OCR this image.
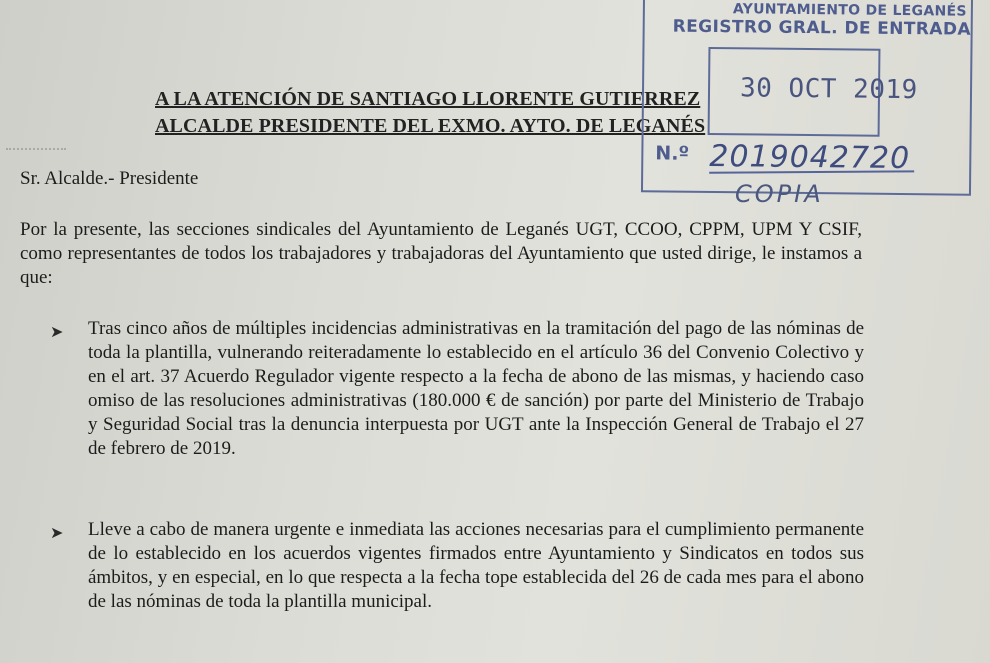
A LA ATENCIÓN DE SANTIAGO LLORENTE GUTIERREZ
ALCALDE PRESIDENTE DEL EXMO. AYTO. DE LEGANÉS
AYUNTAMIENTO DE LEGANÉS
REGISTRO GRAL. DE ENTRADA
30 OCT 2019
N.º 2019042720
COPIA
Sr. Alcalde.- Presidente
Por la presente, las secciones sindicales del Ayuntamiento de Leganés UGT, CCOO, CPPM, UPM Y CSIF, como representantes de todos los trabajadores y trabajadoras del Ayuntamiento que usted dirige, le instamos a que:
➤ Tras cinco años de múltiples incidencias administrativas en la tramitación del pago de las nóminas de toda la plantilla, vulnerando reiteradamente lo establecido en el artículo 36 del Convenio Colectivo y en el art. 37 Acuerdo Regulador vigente respecto a la fecha de abono de las mismas, y haciendo caso omiso de las resoluciones administrativas (180.000 € de sanción) por parte del Ministerio de Trabajo y Seguridad Social tras la denuncia interpuesta por UGT ante la Inspección General de Trabajo el 27 de febrero de 2019.
➤ Lleve a cabo de manera urgente e inmediata las acciones necesarias para el cumplimiento permanente de lo establecido en los acuerdos vigentes firmados entre Ayuntamiento y Sindicatos en todos sus ámbitos, y en especial, en lo que respecta a la fecha tope establecida del 26 de cada mes para el abono de las nóminas de toda la plantilla municipal.
